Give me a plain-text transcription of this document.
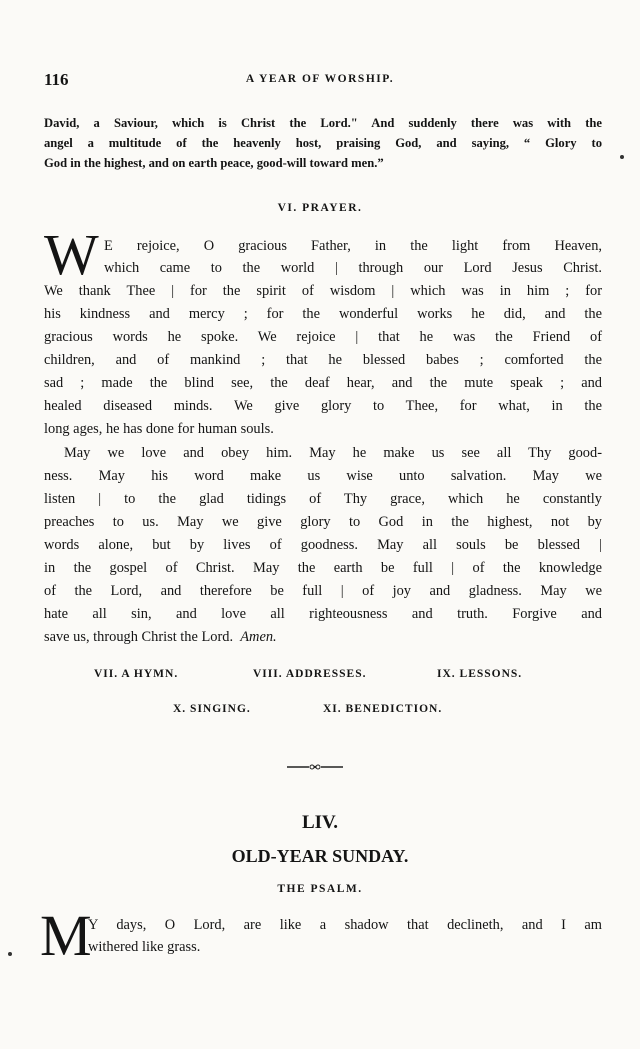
116	A YEAR OF WORSHIP.
David, a Saviour, which is Christ the Lord." And suddenly there was with the
angel a multitude of the heavenly host, praising God, and saying, “ Glory to
God in the highest, and on earth peace, good-will toward men.”
VI. PRAYER.
W E rejoice, O gracious Father, in the light from Heaven,
which came to the world | through our Lord Jesus Christ.
We thank Thee | for the spirit of wisdom | which was in him ; for
his kindness and mercy ; for the wonderful works he did, and the
gracious words he spoke. We rejoice | that he was the Friend of
children, and of mankind ; that he blessed babes ; comforted the
sad ; made the blind see, the deaf hear, and the mute speak ; and
healed diseased minds. We give glory to Thee, for what, in the
long ages, he has done for human souls.
May we love and obey him. May he make us see all Thy good-
ness. May his word make us wise unto salvation. May we
listen | to the glad tidings of Thy grace, which he constantly
preaches to us. May we give glory to God in the highest, not by
words alone, but by lives of goodness. May all souls be blessed |
in the gospel of Christ. May the earth be full | of the knowledge
of the Lord, and therefore be full | of joy and gladness. May we
hate all sin, and love all righteousness and truth. Forgive and
save us, through Christ the Lord. Amen.
VII. A HYMN.	VIII. ADDRESSES.	IX. LESSONS.
X. SINGING.	XI. BENEDICTION.
LIV.
OLD-YEAR SUNDAY.
THE PSALM.
M
Y days, O Lord, are like a shadow that declineth, and I am
withered like grass.
